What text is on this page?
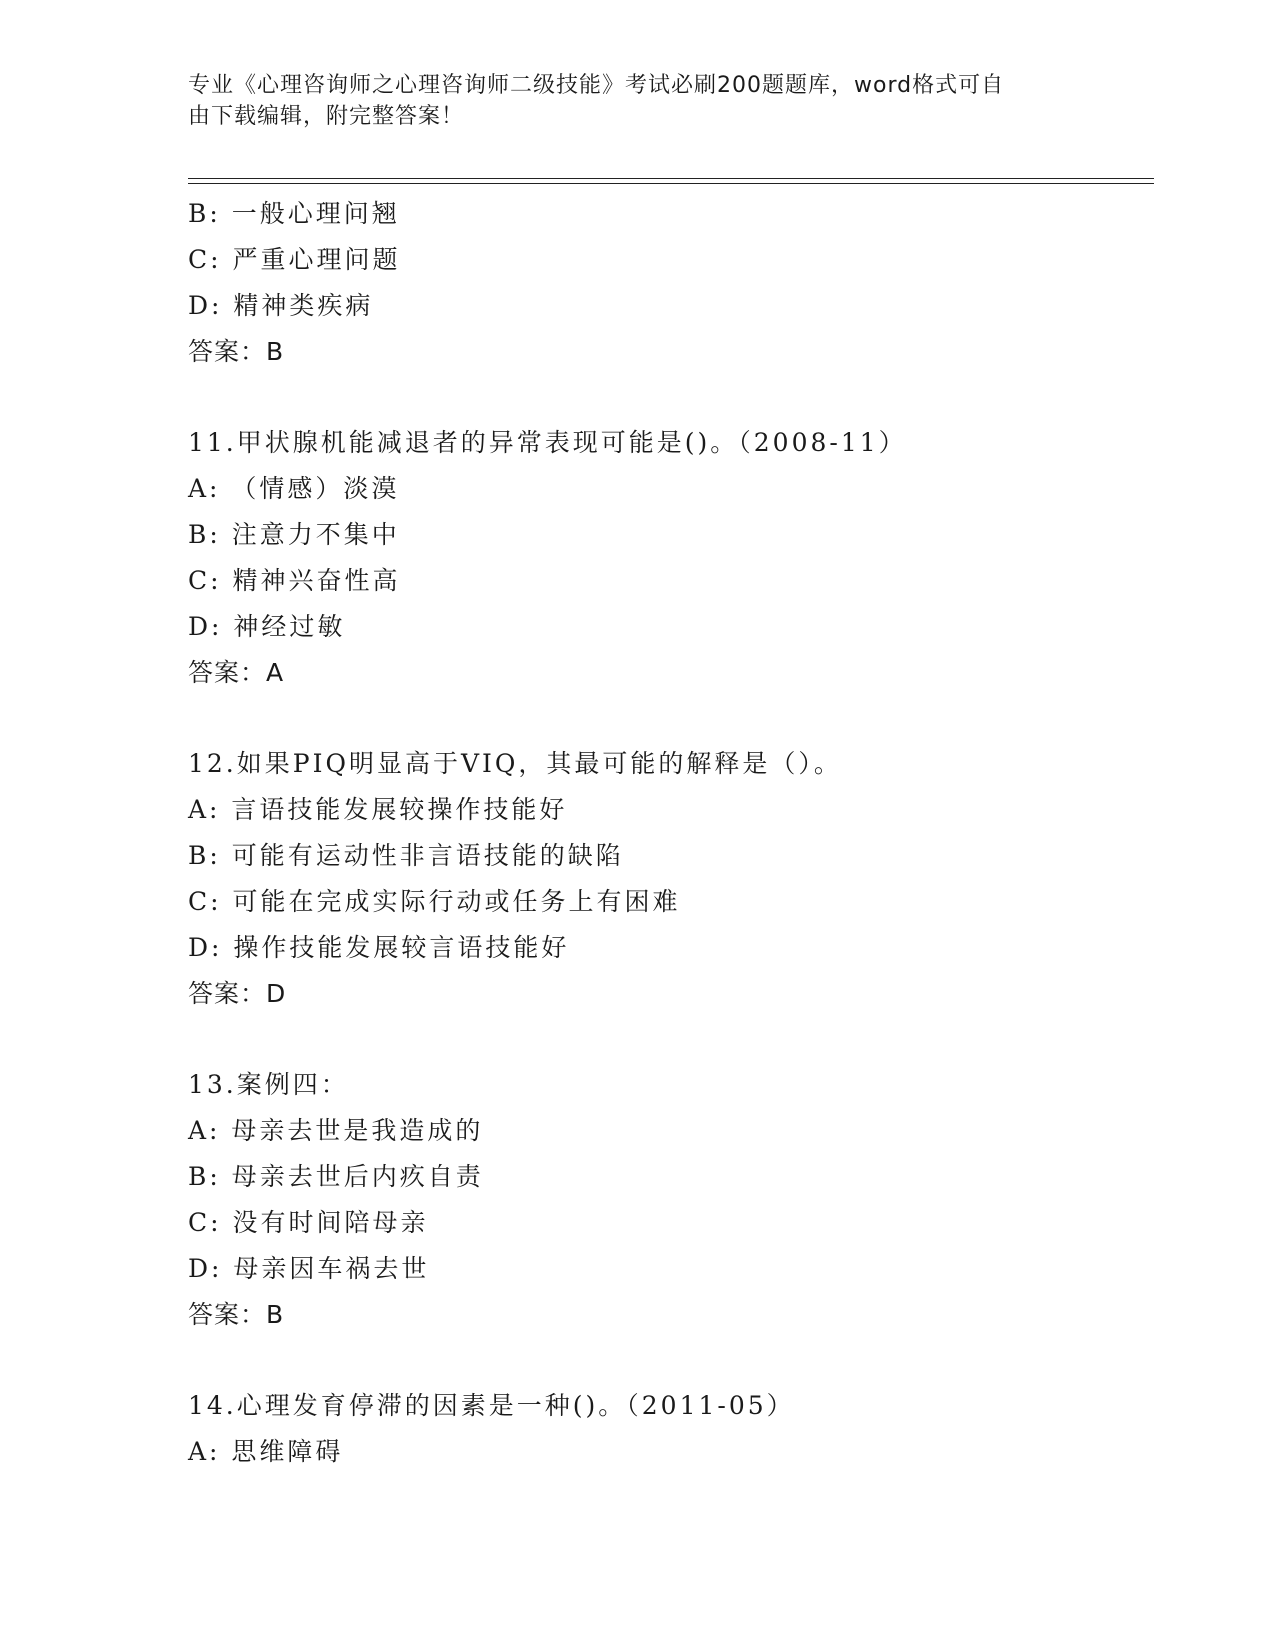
专业《心理咨询师之心理咨询师二级技能》考试必刷200题题库，word格式可自
由下载编辑，附完整答案！
B: 一般心理问翘
C: 严重心理问题
D: 精神类疾病
答案：B
11.甲状腺机能减退者的异常表现可能是()。（2008-11）
A: （情感）淡漠
B: 注意力不集中
C: 精神兴奋性高
D: 神经过敏
答案：A
12.如果PIQ明显高于VIQ，其最可能的解释是（）。
A: 言语技能发展较操作技能好
B: 可能有运动性非言语技能的缺陷
C: 可能在完成实际行动或任务上有困难
D: 操作技能发展较言语技能好
答案：D
13.案例四：
A: 母亲去世是我造成的
B: 母亲去世后内疚自责
C: 没有时间陪母亲
D: 母亲因车祸去世
答案：B
14.心理发育停滞的因素是一种()。（2011-05）
A: 思维障碍
